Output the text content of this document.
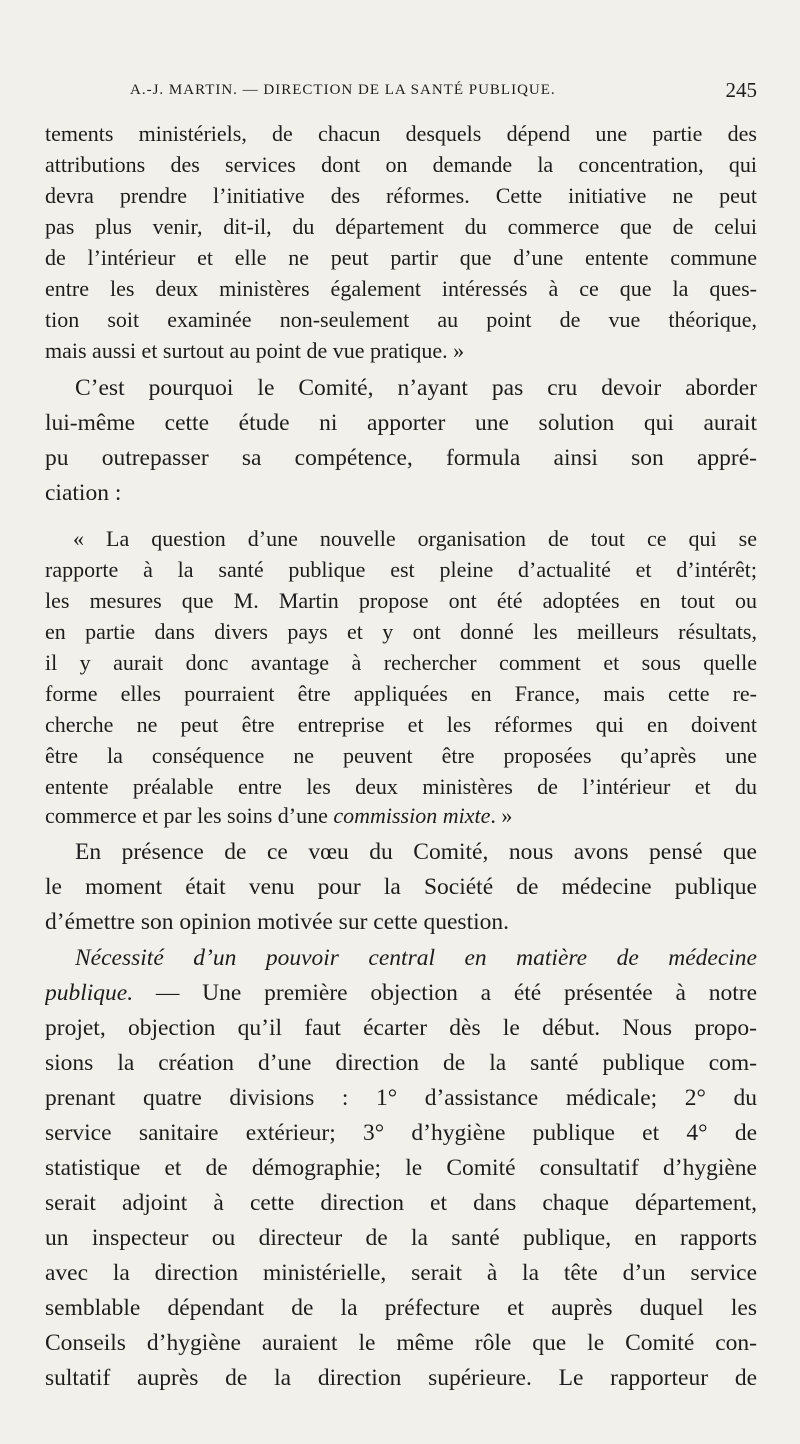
A.-J. MARTIN. — DIRECTION DE LA SANTÉ PUBLIQUE.	245
tements ministériels, de chacun desquels dépend une partie des
attributions des services dont on demande la concentration, qui
devra prendre l’initiative des réformes. Cette initiative ne peut
pas plus venir, dit-il, du département du commerce que de celui
de l’intérieur et elle ne peut partir que d’une entente commune
entre les deux ministères également intéressés à ce que la ques-
tion soit examinée non-seulement au point de vue théorique,
mais aussi et surtout au point de vue pratique. »
C’est pourquoi le Comité, n’ayant pas cru devoir aborder
lui-même cette étude ni apporter une solution qui aurait
pu outrepasser sa compétence, formula ainsi son appré-
ciation :
« La question d’une nouvelle organisation de tout ce qui se
rapporte à la santé publique est pleine d’actualité et d’intérêt;
les mesures que M. Martin propose ont été adoptées en tout ou
en partie dans divers pays et y ont donné les meilleurs résultats,
il y aurait donc avantage à rechercher comment et sous quelle
forme elles pourraient être appliquées en France, mais cette re-
cherche ne peut être entreprise et les réformes qui en doivent
être la conséquence ne peuvent être proposées qu’après une
entente préalable entre les deux ministères de l’intérieur et du
commerce et par les soins d’une commission mixte. »
En présence de ce vœu du Comité, nous avons pensé que
le moment était venu pour la Société de médecine publique
d’émettre son opinion motivée sur cette question.
Nécessité d’un pouvoir central en matière de médecine
publique. — Une première objection a été présentée à notre
projet, objection qu’il faut écarter dès le début. Nous propo-
sions la création d’une direction de la santé publique com-
prenant quatre divisions : 1° d’assistance médicale; 2° du
service sanitaire extérieur; 3° d’hygiène publique et 4° de
statistique et de démographie; le Comité consultatif d’hygiène
serait adjoint à cette direction et dans chaque département,
un inspecteur ou directeur de la santé publique, en rapports
avec la direction ministérielle, serait à la tête d’un service
semblable dépendant de la préfecture et auprès duquel les
Conseils d’hygiène auraient le même rôle que le Comité con-
sultatif auprès de la direction supérieure. Le rapporteur de
